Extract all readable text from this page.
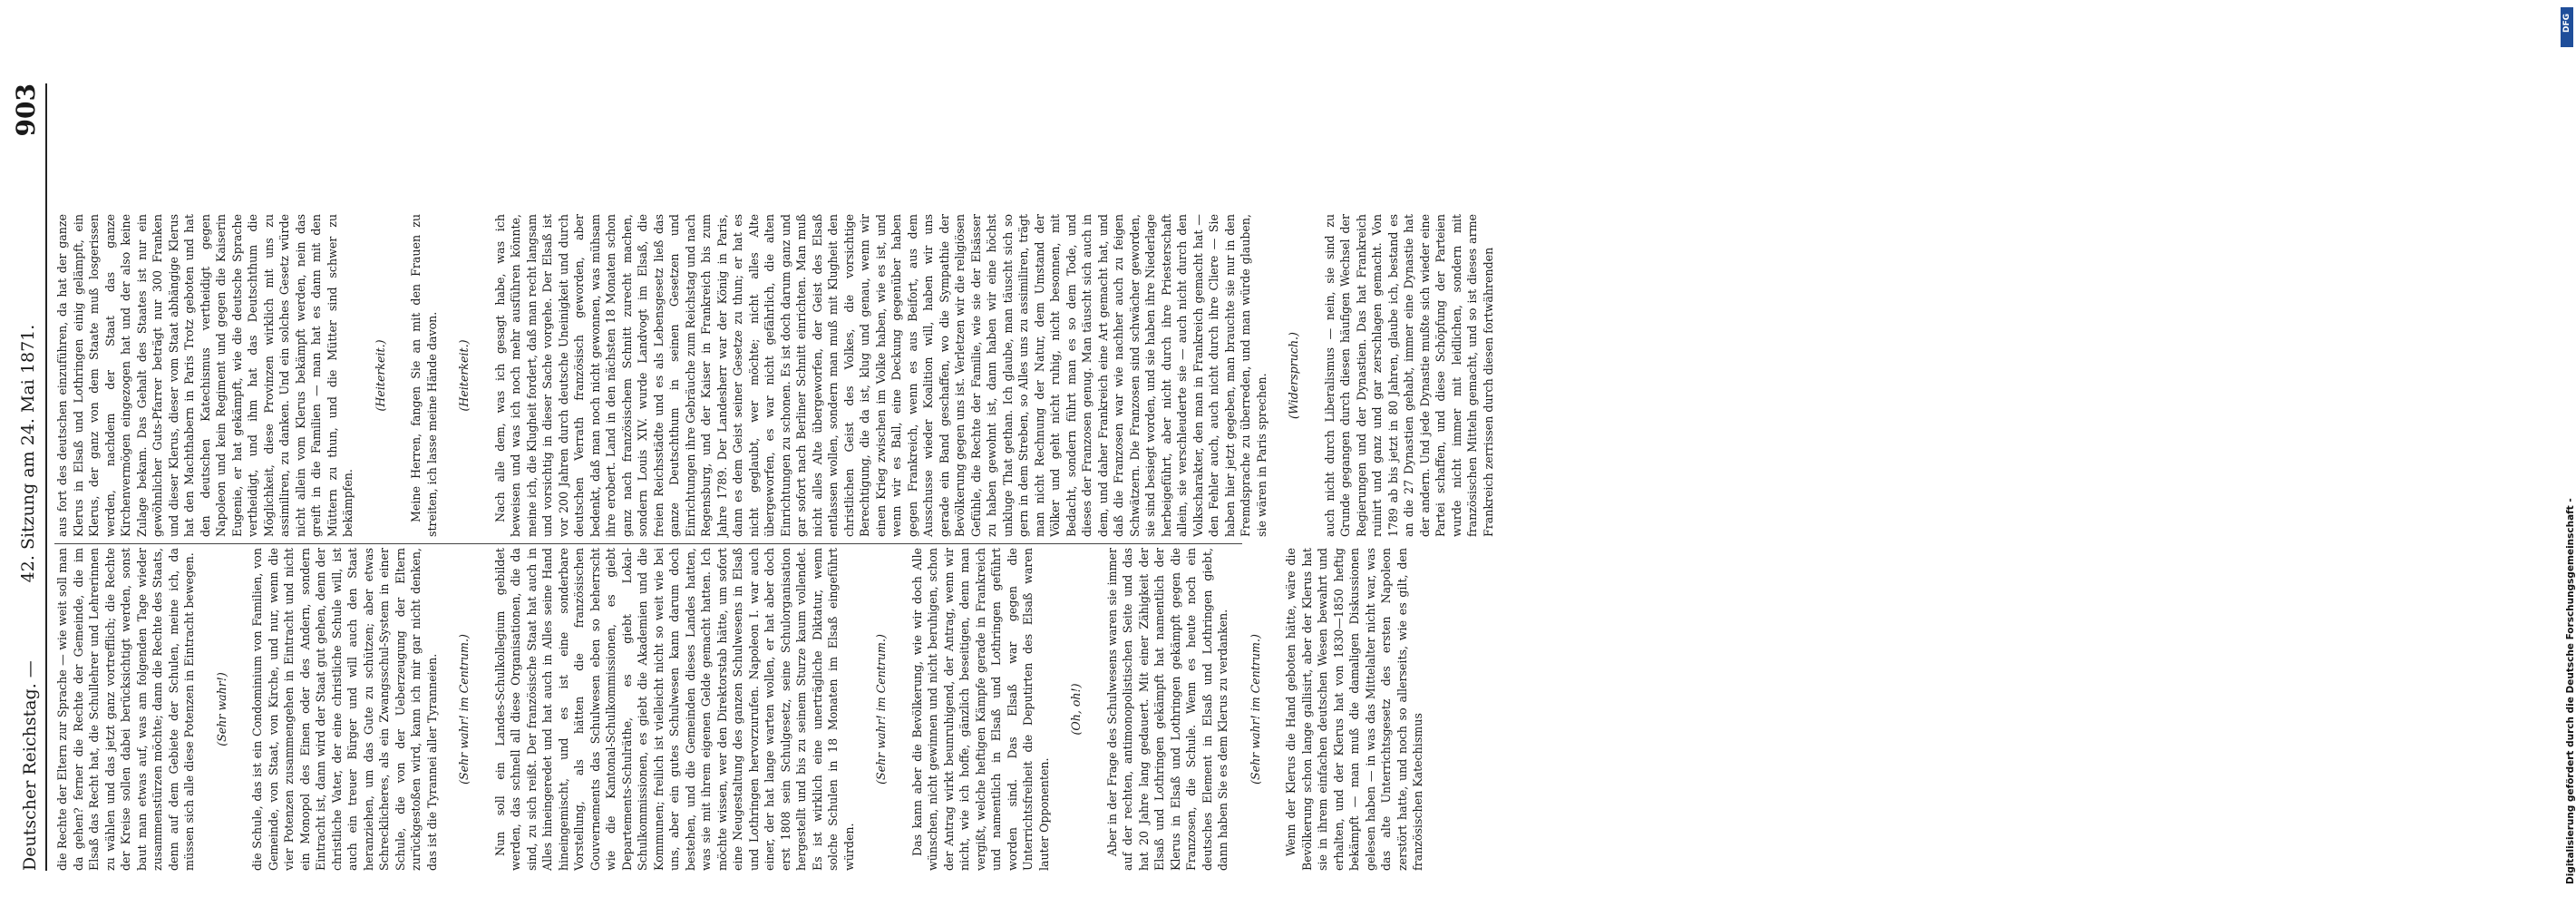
Deutscher Reichstag. —
42. Sitzung am 24. Mai 1871.
903

die Rechte der Eltern zur Sprache — wie weit soll man da gehen? ferner die Rechte der Gemeinde, die im Elsaß das Recht hat, die Schullehrer und Lehrerinnen zu wählen und das jetzt ganz vortrefflich; die Rechte der Kreise sollen dabei berücksichtigt werden, sonst baut man etwas auf, was am folgenden Tage wieder zusammenstürzen möchte; dann die Rechte des Staats, denn auf dem Gebiete der Schulen, meine ich, da müssen sich alle diese Potenzen in Eintracht bewegen. (Sehr wahr!) die Schule, das ist ein Condominium von Familien, von Gemeinde, von Staat, von Kirche, und nur, wenn die vier Potenzen zusammengehen in Eintracht und nicht ein Monopol des Einen oder des Andern, sondern Eintracht ist, dann wird der Staat gut gehen, denn der christliche Vater, der eine christliche Schule will, ist auch ein treuer Bürger und will auch den Staat heranziehen, um das Gute zu schützen; aber etwas Schrecklicheres, als ein Zwangsschul-System in einer Schule, die von der Ueberzeugung der Eltern zurückgestoßen wird, kann ich mir gar nicht denken, das ist die Tyrannei aller Tyranneien. (Sehr wahr! im Centrum.) Nun soll ein Landes-Schulkollegium gebildet werden, das schnell all diese Organisationen, die da sind, zu sich reißt. Der französische Staat hat auch in Alles hineingeredet und hat auch in Alles seine Hand hineingemischt, und es ist eine sonderbare Vorstellung, als hätten die französischen Gouvernements das Schulwesen eben so beherrscht wie die Kantonal-Schulkommissionen, es giebt Departements-Schulräthe, es giebt Lokal-Schulkommissionen, es giebt die Akademien und die Kommunen; freilich ist vielleicht nicht so weit wie bei uns, aber ein gutes Schulwesen kann darum doch bestehen, und die Gemeinden dieses Landes hatten, was sie mit ihrem eigenen Gelde gemacht hatten. Ich möchte wissen, wer den Direktorstab hätte, um sofort eine Neugestaltung des ganzen Schulwesens in Elsaß und Lothringen hervorzurufen. Napoleon I. war auch einer, der hat lange warten wollen, er hat aber doch erst 1808 sein Schulgesetz, seine Schulorganisation hergestellt und bis zu seinem Sturze kaum vollendet. Es ist wirklich eine unerträgliche Diktatur, wenn solche Schulen in 18 Monaten im Elsaß eingeführt würden.

(Sehr wahr! im Centrum.) Das kann aber die Bevölkerung, wie wir doch Alle wünschen, nicht gewinnen und nicht beruhigen, schon der Antrag wirkt beunruhigend, der Antrag, wenn wir nicht, wie ich hoffe, gänzlich beseitigen, denn man vergißt, welche heftigen Kämpfe gerade in Frankreich und namentlich in Elsaß und Lothringen geführt worden sind. Das Elsaß war gegen die Unterrichtsfreiheit die Deputirten des Elsaß waren lauter Opponenten.

(Oh, oh!) Aber in der Frage des Schulwesens waren sie immer auf der rechten, antimonopolistischen Seite und das hat 20 Jahre lang gedauert. Mit einer Zähigkeit der Elsaß und Lothringen gekämpft hat namentlich der Klerus in Elsaß und Lothringen gekämpft gegen die Franzosen, die Schule. Wenn es heute noch ein deutsches Element in Elsaß und Lothringen giebt, dann haben Sie es dem Klerus zu verdanken. (Sehr wahr! im Centrum.) Wenn der Klerus die Hand geboten hätte, wäre die Bevölkerung schon lange gallisirt, aber der Klerus hat sie in ihrem einfachen deutschen Wesen bewahrt und erhalten, und der Klerus hat von 1830—1850 heftig bekämpft — man muß die damaligen Diskussionen gelesen haben — in was das Mittelalter nicht war, was das alte Unterrichtsgesetz des ersten Napoleon zerstört hatte, und noch so allerseits, wie es gilt, den französischen Katechismus

aus fort des deutschen einzuführen, da hat der ganze Klerus in Elsaß und Lothringen einig gelämpft, ein Klerus, der ganz von dem Staate muß losgerissen werden, nachdem der Staat das ganze Kirchenvermögen eingezogen hat und der also keine Zulage bekam. Das Gehalt des Staates ist nur ein gewöhnlicher Guts-Pfarrer beträgt nur 300 Franken und dieser Klerus, dieser vom Staat abhängige Klerus hat den Machthabern in Paris Trotz geboten und hat den deutschen Katechismus vertheidigt gegen Napoleon und kein Regiment und gegen die Kaiserin Eugenie, er hat gekämpft, wie die deutsche Sprache vertheidigt, und ihm hat das Deutschthum die Möglichkeit, diese Provinzen wirklich mit uns zu assimiliren, zu danken. Und ein solches Gesetz würde nicht allein vom Klerus bekämpft werden, nein das greift in die Familien — man hat es dann mit den Müttern zu thun, und die Mütter sind schwer zu bekämpfen.

(Heiterkeit.) Meine Herren, fangen Sie an mit den Frauen zu streiten, ich lasse meine Hände davon. (Heiterkeit.) Nach alle dem, was ich gesagt habe, was ich beweisen und was ich noch mehr ausführen könnte, meine ich, die Klugheit fordert, daß man recht langsam und vorsichtig in dieser Sache vorgehe. Der Elsaß ist vor 200 Jahren durch deutsche Uneinigkeit und durch deutschen Verrath französisch geworden, aber bedenkt, daß man noch nicht gewonnen, was mühsam ihre erobert. Land in den nächsten 18 Monaten schon ganz nach französischem Schnitt zurecht machen, sondern Louis XIV. wurde Landvogt im Elsaß, die freien Reichsstädte und es als Lebensgesetz ließ das ganze Deutschthum in seinen Gesetzen und Einrichtungen ihre Gebräuche zum Reichstag und nach Regensburg, und der Kaiser in Frankreich bis zum Jahre 1789. Der Landesherr war der König in Paris, dann es dem Geist seiner Gesetze zu thun; er hat es nicht geglaubt, wer möchte; nicht alles Alte übergeworfen, es war nicht gefährlich, die alten Einrichtungen zu schonen. Es ist doch darum ganz und gar sofort nach Berliner Schnitt einrichten. Man muß nicht alles Alte übergeworfen, der Geist des Elsaß entlassen wollen, sondern man muß mit Klugheit den christlichen Geist des Volkes, die vorsichtige Berechtigung, die da ist, klug und genau, wenn wir einen Krieg zwischen im Volke haben, wie es ist, und wenn wir es Ball, eine Deckung gegenüber haben gegen Frankreich, wenn es aus Beifort, aus dem Ausschusse wieder Koalition will, haben wir uns gerade ein Band geschaffen, wo die Sympathie der Bevölkerung gegen uns ist. Verletzen wir die religiösen Gefühle, die Rechte der Familie, wie sie der Elsässer zu haben gewohnt ist, dann haben wir eine höchst unkluge That gethan. Ich glaube, man täuscht sich so gern in dem Streben, so Alles uns zu assimiliren, trägt man nicht Rechnung der Natur, dem Umstand der Völker und geht nicht ruhig, nicht besonnen, mit Bedacht, sondern führt man es so dem Tode, und dieses der Franzosen genug. Man täuscht sich auch in dem, und daher Frankreich eine Art gemacht hat, und daß die Franzosen war wie nachher auch zu feigen Schwätzern. Die Franzosen sind schwächer geworden, sie sind besiegt worden, und sie haben ihre Niederlage herbeigeführt, aber nicht durch ihre Priesterschaft allein, sie verschleuderte sie — auch nicht durch den Volkscharakter, den man in Frankreich gemacht hat — den Fehler auch, auch nicht durch ihre Cliere — Sie haben hier jetzt gegeben, man brauchte sie nur in den Fremdsprache zu überreden, und man würde glauben, sie wären in Paris sprechen. (Widerspruch.) auch nicht durch Liberalismus — nein, sie sind zu Grunde gegangen durch diesen häufigen Wechsel der Regierungen und der Dynastien. Das hat Frankreich ruinirt und ganz und gar zerschlagen gemacht. Von 1789 ab bis jetzt in 80 Jahren, glaube ich, bestand es an die 27 Dynastien gehabt, immer eine Dynastie hat der andern. Und jede Dynastie mußte sich wieder eine Partei schaffen, und diese Schöpfung der Parteien wurde nicht immer mit leidlichen, sondern mit französischen Mitteln gemacht, und so ist dieses arme Frankreich zerrissen durch diesen fortwährenden

DFG
Digitalisierung gefördert durch die Deutsche Forschungsgemeinschaft -
